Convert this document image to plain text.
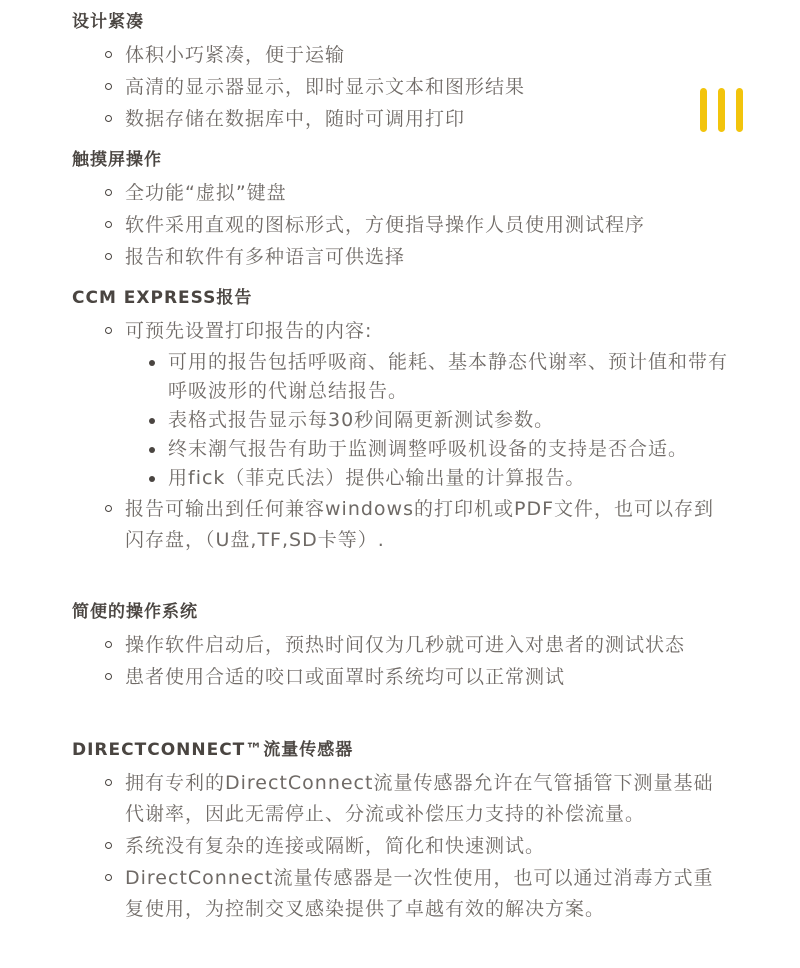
设计紧凑
体积小巧紧凑，便于运输
高清的显示器显示，即时显示文本和图形结果
数据存储在数据库中，随时可调用打印
触摸屏操作
全功能“虚拟”键盘
软件采用直观的图标形式，方便指导操作人员使用测试程序
报告和软件有多种语言可供选择
CCM EXPRESS报告
可预先设置打印报告的内容:
可用的报告包括呼吸商、能耗、基本静态代谢率、预计值和带有呼吸波形的代谢总结报告。
表格式报告显示每30秒间隔更新测试参数。
终末潮气报告有助于监测调整呼吸机设备的支持是否合适。
用fick（菲克氏法）提供心输出量的计算报告。
报告可输出到任何兼容windows的打印机或PDF文件，也可以存到闪存盘，（U盘,TF,SD卡等）.
简便的操作系统
操作软件启动后，预热时间仅为几秒就可进入对患者的测试状态
患者使用合适的咬口或面罩时系统均可以正常测试
DIRECTCONNECT™流量传感器
拥有专利的DirectConnect流量传感器允许在气管插管下测量基础代谢率，因此无需停止、分流或补偿压力支持的补偿流量。
系统没有复杂的连接或隔断，简化和快速测试。
DirectConnect流量传感器是一次性使用，也可以通过消毒方式重复使用，为控制交叉感染提供了卓越有效的解决方案。
